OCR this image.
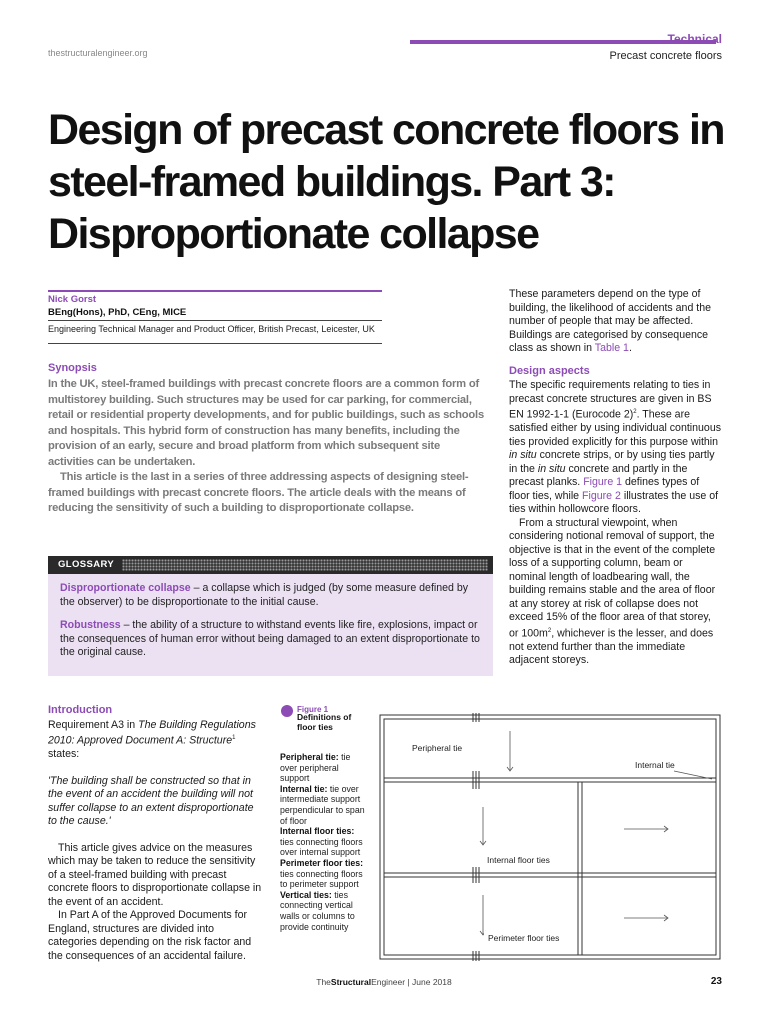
Technical
Precast concrete floors
thestructuralengineer.org
Design of precast concrete floors in steel-framed buildings. Part 3: Disproportionate collapse
Nick Gorst
BEng(Hons), PhD, CEng, MICE
Engineering Technical Manager and Product Officer, British Precast, Leicester, UK
Synopsis

In the UK, steel-framed buildings with precast concrete floors are a common form of multistorey building. Such structures may be used for car parking, for commercial, retail or residential property developments, and for public buildings, such as schools and hospitals. This hybrid form of construction has many benefits, including the provision of an early, secure and broad platform from which subsequent site activities can be undertaken.

This article is the last in a series of three addressing aspects of designing steel-framed buildings with precast concrete floors. The article deals with the means of reducing the sensitivity of such a building to disproportionate collapse.

GLOSSARY

Disproportionate collapse – a collapse which is judged (by some measure defined by the observer) to be disproportionate to the initial cause.

Robustness – the ability of a structure to withstand events like fire, explosions, impact or the consequences of human error without being damaged to an extent disproportionate to the original cause.

These parameters depend on the type of building, the likelihood of accidents and the number of people that may be affected. Buildings are categorised by consequence class as shown in Table 1.

Design aspects

The specific requirements relating to ties in precast concrete structures are given in BS EN 1992-1-1 (Eurocode 2)$^2$. These are satisfied either by using individual continuous ties provided explicitly for this purpose within in situ concrete strips, or by using ties partly in the in situ concrete and partly in the precast planks. Figure 1 defines types of floor ties, while Figure 2 illustrates the use of ties within hollowcore floors.

From a structural viewpoint, when considering notional removal of support, the objective is that in the event of the complete loss of a supporting column, beam or nominal length of loadbearing wall, the building remains stable and the area of floor at any storey at risk of collapse does not exceed 15% of the floor area of that storey, or $100m^2$, whichever is the lesser, and does not extend further than the immediate adjacent storeys.

Introduction

Requirement A3 in The Building Regulations 2010: Approved Document A: Structure$^1$ states:

'The building shall be constructed so that in the event of an accident the building will not suffer collapse to an extent disproportionate to the cause.'

This article gives advice on the measures which may be taken to reduce the sensitivity of a steel-framed building with precast concrete floors to disproportionate collapse in the event of an accident.

In Part A of the Approved Documents for England, structures are divided into categories depending on the risk factor and the consequences of an accidental failure.

Figure 1
Definitions of floor ties
Peripheral tie: tie over peripheral support
Internal tie: tie over intermediate support perpendicular to span of floor
Internal floor ties: ties connecting floors over internal support
Perimeter floor ties: ties connecting floors to perimeter support
Vertical ties: ties connecting vertical walls or columns to provide continuity
Peripheral tie
Internal tie
Internal floor ties
Perimeter floor ties
TheStructuralEngineer | June 2018	23
